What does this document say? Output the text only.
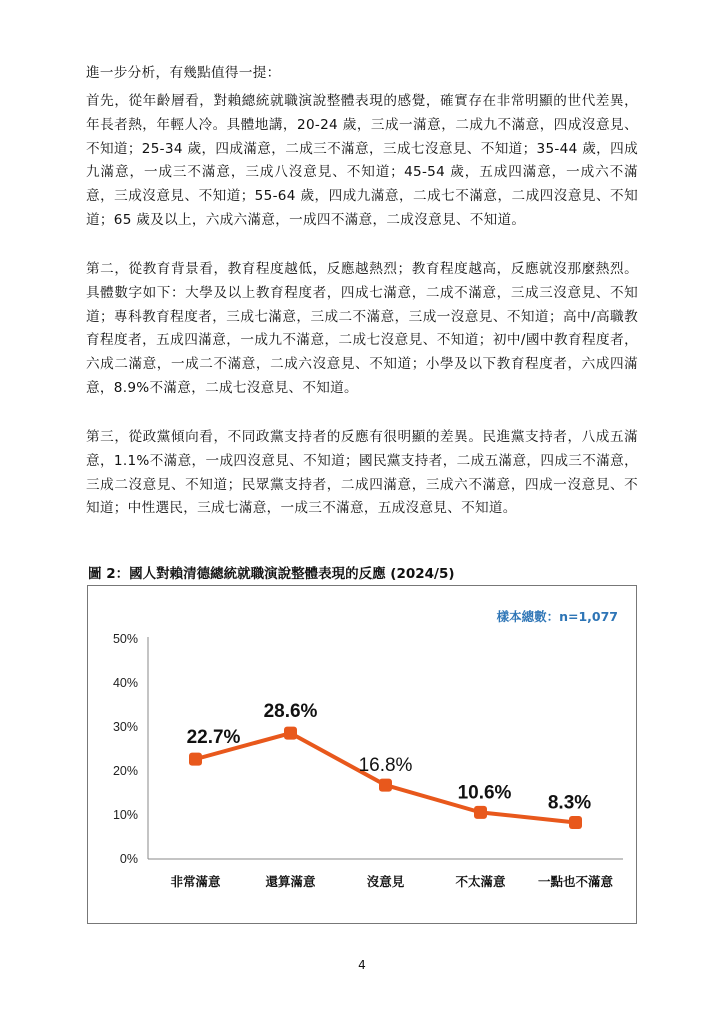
進一步分析，有幾點值得一提：

首先，從年齡層看，對賴總統就職演說整體表現的感覺，確實存在非常明顯的世代差異，年長者熱，年輕人冷。具體地講，20-24 歲，三成一滿意，二成九不滿意，四成沒意見、不知道；25-34 歲，四成滿意，二成三不滿意，三成七沒意見、不知道；35-44 歲，四成九滿意，一成三不滿意，三成八沒意見、不知道；45-54 歲，五成四滿意，一成六不滿意，三成沒意見、不知道；55-64 歲，四成九滿意，二成七不滿意，二成四沒意見、不知道；65 歲及以上，六成六滿意，一成四不滿意，二成沒意見、不知道。

第二，從教育背景看，教育程度越低，反應越熱烈；教育程度越高，反應就沒那麼熱烈。具體數字如下：大學及以上教育程度者，四成七滿意，二成不滿意，三成三沒意見、不知道；專科教育程度者，三成七滿意，三成二不滿意，三成一沒意見、不知道；高中/高職教育程度者，五成四滿意，一成九不滿意，二成七沒意見、不知道；初中/國中教育程度者，六成二滿意，一成二不滿意，二成六沒意見、不知道；小學及以下教育程度者，六成四滿意，8.9%不滿意，二成七沒意見、不知道。

第三，從政黨傾向看，不同政黨支持者的反應有很明顯的差異。民進黨支持者，八成五滿意，1.1%不滿意，一成四沒意見、不知道；國民黨支持者，二成五滿意，四成三不滿意，三成二沒意見、不知道；民眾黨支持者，二成四滿意，三成六不滿意，四成一沒意見、不知道；中性選民，三成七滿意，一成三不滿意，五成沒意見、不知道。

圖 2：國人對賴清德總統就職演說整體表現的反應 (2024/5)

樣本總數：n=1,077
0%
10%
20%
30%
40%
50%
非常滿意	還算滿意	沒意見	不太滿意	一點也不滿意
22.7%
28.6%
16.8%
10.6% 8.3%
4
